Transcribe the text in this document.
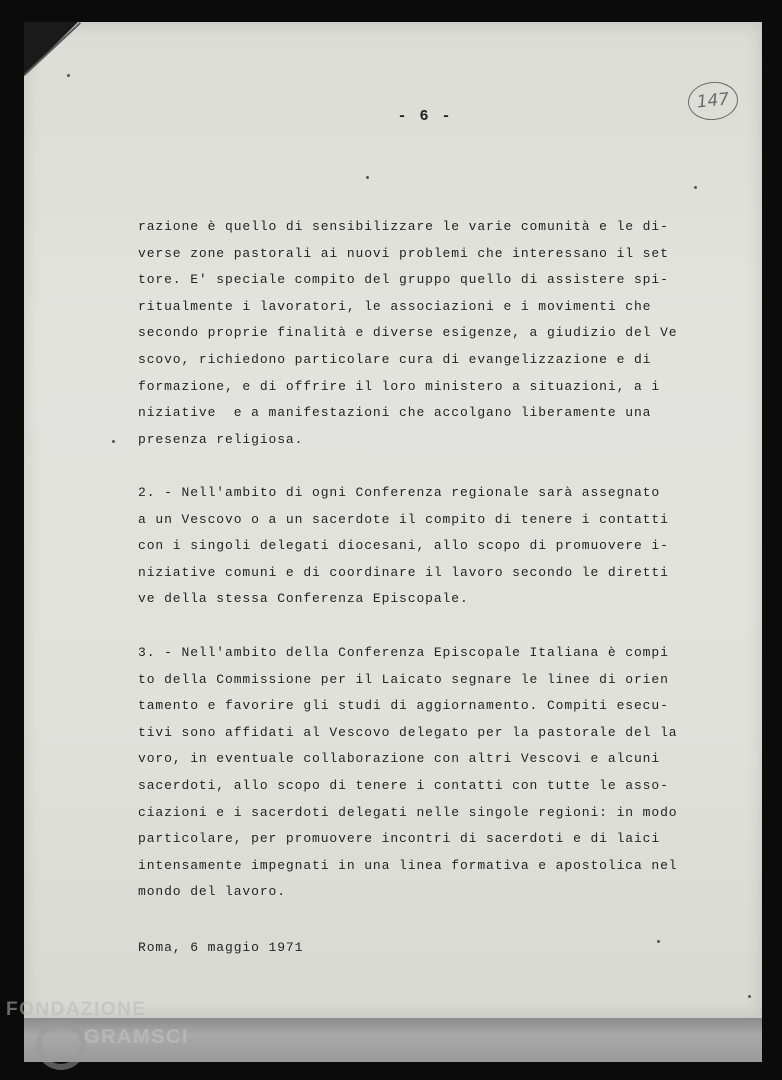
147
- 6 -
razione è quello di sensibilizzare le varie comunità e le di-
verse zone pastorali ai nuovi problemi che interessano il set
tore. E' speciale compito del gruppo quello di assistere spi-
ritualmente i lavoratori, le associazioni e i movimenti che
secondo proprie finalità e diverse esigenze, a giudizio del Ve
scovo, richiedono particolare cura di evangelizzazione e di
formazione, e di offrire il loro ministero a situazioni, a i
niziative  e a manifestazioni che accolgano liberamente una
presenza religiosa.
2. - Nell'ambito di ogni Conferenza regionale sarà assegnato
a un Vescovo o a un sacerdote il compito di tenere i contatti
con i singoli delegati diocesani, allo scopo di promuovere i-
niziative comuni e di coordinare il lavoro secondo le diretti
ve della stessa Conferenza Episcopale.
3. - Nell'ambito della Conferenza Episcopale Italiana è compi
to della Commissione per il Laicato segnare le linee di orien
tamento e favorire gli studi di aggiornamento. Compiti esecu-
tivi sono affidati al Vescovo delegato per la pastorale del la
voro, in eventuale collaborazione con altri Vescovi e alcuni
sacerdoti, allo scopo di tenere i contatti con tutte le asso-
ciazioni e i sacerdoti delegati nelle singole regioni: in modo
particolare, per promuovere incontri di sacerdoti e di laici
intensamente impegnati in una linea formativa e apostolica nel
mondo del lavoro.
Roma, 6 maggio 1971
FONDAZIONE
GRAMSCI
onlus
